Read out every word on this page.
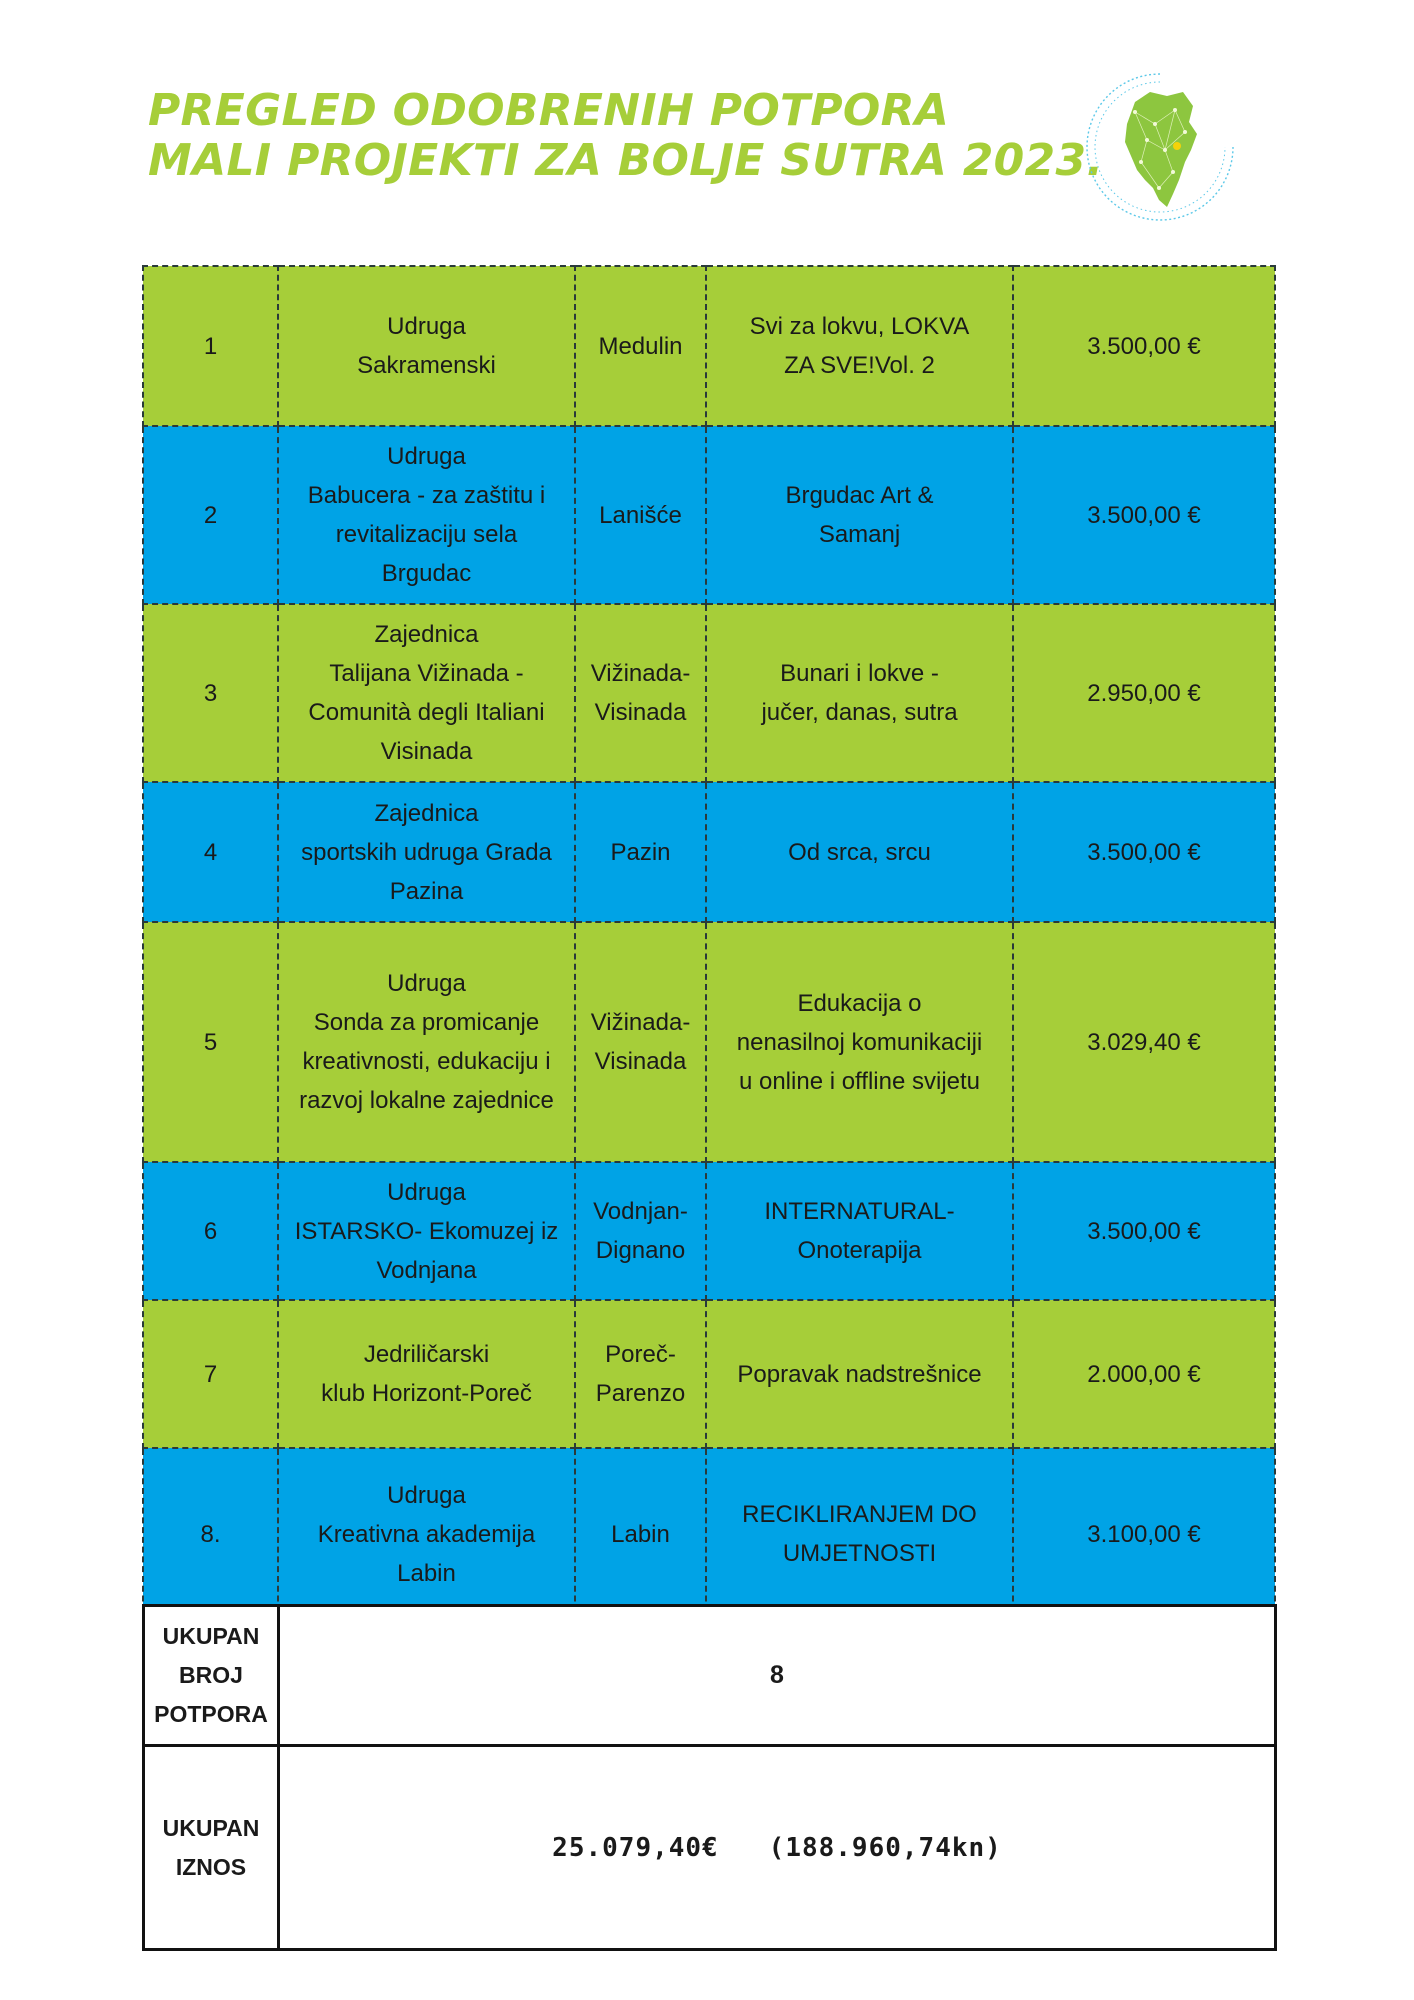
PREGLED ODOBRENIH POTPORA
MALI PROJEKTI ZA BOLJE SUTRA 2023.
1	Udruga
Sakramenski	Medulin	Svi za lokvu, LOKVA
ZA SVE!Vol. 2	3.500,00 €
2	Udruga
Babucera - za zaštitu i
revitalizaciju sela
Brgudac	Lanišće	Brgudac Art &
Samanj	3.500,00 €
3	Zajednica
Talijana Vižinada -
Comunità degli Italiani
Visinada	Vižinada-
Visinada	Bunari i lokve -
jučer, danas, sutra	2.950,00 €
4	Zajednica
sportskih udruga Grada
Pazina	Pazin	Od srca, srcu	3.500,00 €
5	Udruga
Sonda za promicanje
kreativnosti, edukaciju i
razvoj lokalne zajednice	Vižinada-
Visinada	Edukacija o
nenasilnoj komunikaciji
u online i offline svijetu	3.029,40 €
6	Udruga
ISTARSKO- Ekomuzej iz
Vodnjana	Vodnjan-
Dignano	INTERNATURAL-
Onoterapija	3.500,00 €
7	Jedriličarski
klub Horizont-Poreč	Poreč-
Parenzo	Popravak nadstrešnice	2.000,00 €
8.	Udruga
Kreativna akademija
Labin	Labin	RECIKLIRANJEM DO
UMJETNOSTI	3.100,00 €
UKUPAN
BROJ
POTPORA	8

UKUPAN
IZNOS	25.079,40€   (188.960,74kn)
